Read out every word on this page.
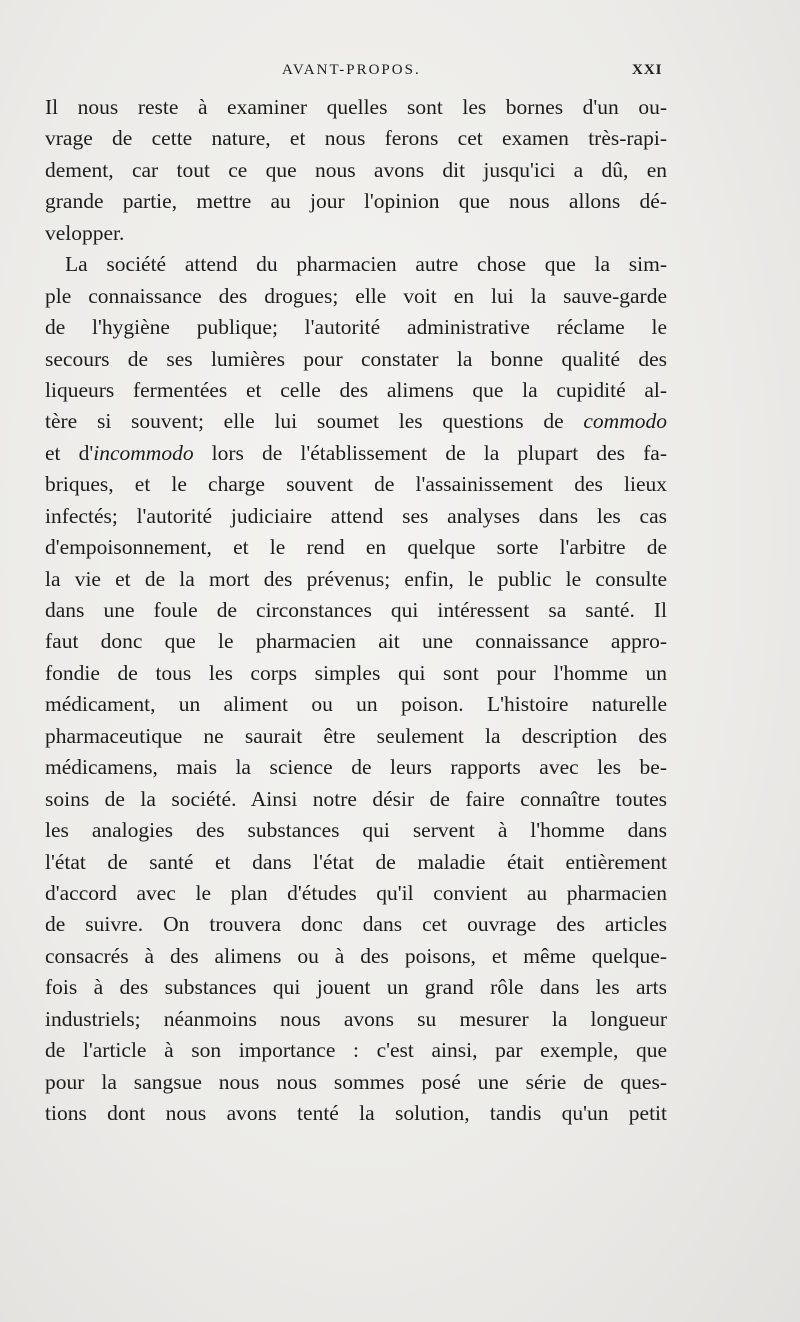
AVANT-PROPOS.	XXI
Il nous reste à examiner quelles sont les bornes d'un ou-
vrage de cette nature, et nous ferons cet examen très-rapi-
dement, car tout ce que nous avons dit jusqu'ici a dû, en
grande partie, mettre au jour l'opinion que nous allons dé-
velopper.
La société attend du pharmacien autre chose que la sim-
ple connaissance des drogues; elle voit en lui la sauve-garde
de l'hygiène publique; l'autorité administrative réclame le
secours de ses lumières pour constater la bonne qualité des
liqueurs fermentées et celle des alimens que la cupidité al-
tère si souvent; elle lui soumet les questions de commodo
et d'incommodo lors de l'établissement de la plupart des fa-
briques, et le charge souvent de l'assainissement des lieux
infectés; l'autorité judiciaire attend ses analyses dans les cas
d'empoisonnement, et le rend en quelque sorte l'arbitre de
la vie et de la mort des prévenus; enfin, le public le consulte
dans une foule de circonstances qui intéressent sa santé. Il
faut donc que le pharmacien ait une connaissance appro-
fondie de tous les corps simples qui sont pour l'homme un
médicament, un aliment ou un poison. L'histoire naturelle
pharmaceutique ne saurait être seulement la description des
médicamens, mais la science de leurs rapports avec les be-
soins de la société. Ainsi notre désir de faire connaître toutes
les analogies des substances qui servent à l'homme dans
l'état de santé et dans l'état de maladie était entièrement
d'accord avec le plan d'études qu'il convient au pharmacien
de suivre. On trouvera donc dans cet ouvrage des articles
consacrés à des alimens ou à des poisons, et même quelque-
fois à des substances qui jouent un grand rôle dans les arts
industriels; néanmoins nous avons su mesurer la longueur
de l'article à son importance : c'est ainsi, par exemple, que
pour la sangsue nous nous sommes posé une série de ques-
tions dont nous avons tenté la solution, tandis qu'un petit
